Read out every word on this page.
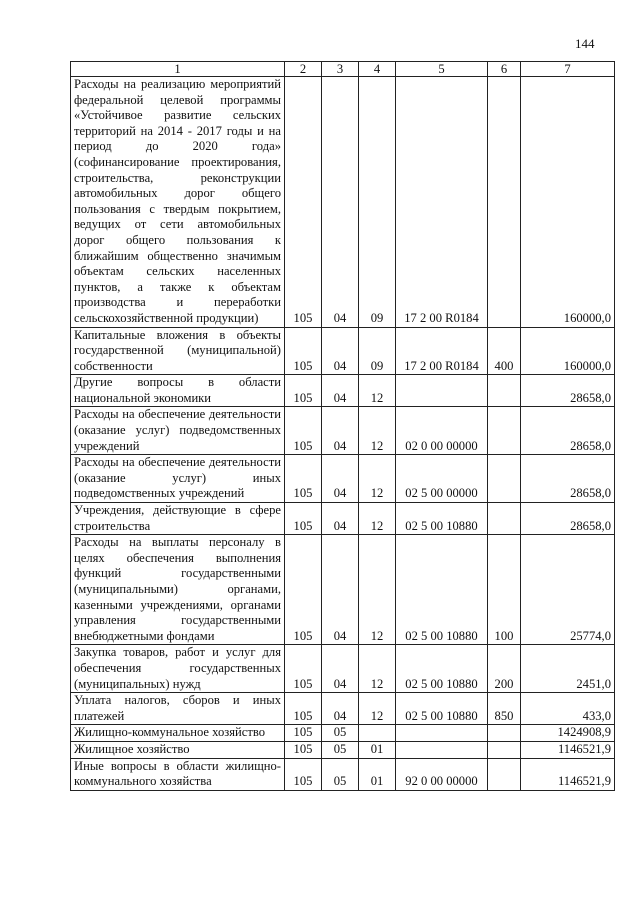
144
1	2	3	4	5	6	7
Расходы на реализацию мероприятий федеральной целевой программы «Устойчивое развитие сельских территорий на 2014 - 2017 годы и на период до 2020 года» (софинансирование проектирования, строительства, реконструкции автомобильных дорог общего пользования с твердым покрытием, ведущих от сети автомобильных дорог общего пользования к ближайшим общественно значимым объектам сельских населенных пунктов, а также к объектам производства и переработки сельскохозяйственной продукции)	105	04	09	17 2 00 R0184		160000,0
Капитальные вложения в объекты государственной (муниципальной) собственности	105	04	09	17 2 00 R0184	400	160000,0
Другие вопросы в области национальной экономики	105	04	12			28658,0
Расходы на обеспечение деятельности (оказание услуг) подведомственных учреждений	105	04	12	02 0 00 00000		28658,0
Расходы на обеспечение деятельности (оказание услуг) иных подведомственных учреждений	105	04	12	02 5 00 00000		28658,0
Учреждения, действующие в сфере строительства	105	04	12	02 5 00 10880		28658,0
Расходы на выплаты персоналу в целях обеспечения выполнения функций государственными (муниципальными) органами, казенными учреждениями, органами управления государственными внебюджетными фондами	105	04	12	02 5 00 10880	100	25774,0
Закупка товаров, работ и услуг для обеспечения государственных (муниципальных) нужд	105	04	12	02 5 00 10880	200	2451,0
Уплата налогов, сборов и иных платежей	105	04	12	02 5 00 10880	850	433,0
Жилищно-коммунальное хозяйство	105	05				1424908,9
Жилищное хозяйство	105	05	01			1146521,9
Иные вопросы в области жилищно-коммунального хозяйства	105	05	01	92 0 00 00000		1146521,9
